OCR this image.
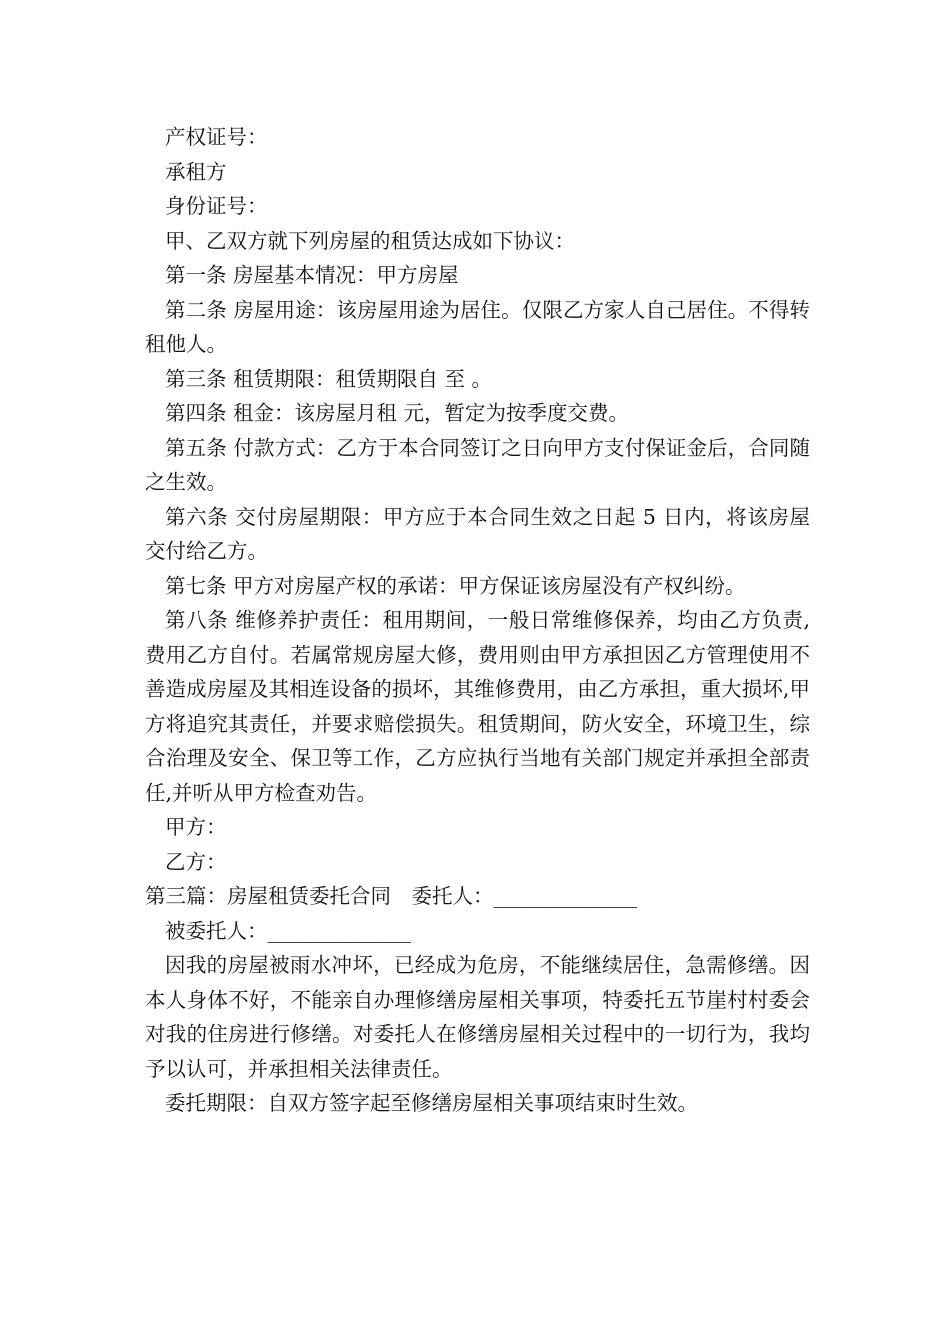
产权证号：

承租方

身份证号：

甲、乙双方就下列房屋的租赁达成如下协议：

第一条 房屋基本情况：甲方房屋

第二条 房屋用途：该房屋用途为居住。仅限乙方家人自己居住。不得转租他人。

第三条 租赁期限：租赁期限自 至 。

第四条 租金：该房屋月租 元，暂定为按季度交费。

第五条 付款方式：乙方于本合同签订之日向甲方支付保证金后，合同随之生效。

第六条 交付房屋期限：甲方应于本合同生效之日起 5 日内，将该房屋交付给乙方。

第七条 甲方对房屋产权的承诺：甲方保证该房屋没有产权纠纷。

第八条 维修养护责任：租用期间，一般日常维修保养，均由乙方负责,费用乙方自付。若属常规房屋大修，费用则由甲方承担因乙方管理使用不善造成房屋及其相连设备的损坏，其维修费用，由乙方承担，重大损坏,甲方将追究其责任，并要求赔偿损失。租赁期间，防火安全，环境卫生，综合治理及安全、保卫等工作，乙方应执行当地有关部门规定并承担全部责任,并听从甲方检查劝告。

甲方：

乙方：

第三篇：房屋租赁委托合同　委托人：______________

被委托人：______________

因我的房屋被雨水冲坏，已经成为危房，不能继续居住，急需修缮。因本人身体不好，不能亲自办理修缮房屋相关事项，特委托五节崖村村委会对我的住房进行修缮。对委托人在修缮房屋相关过程中的一切行为，我均予以认可，并承担相关法律责任。

委托期限：自双方签字起至修缮房屋相关事项结束时生效。
